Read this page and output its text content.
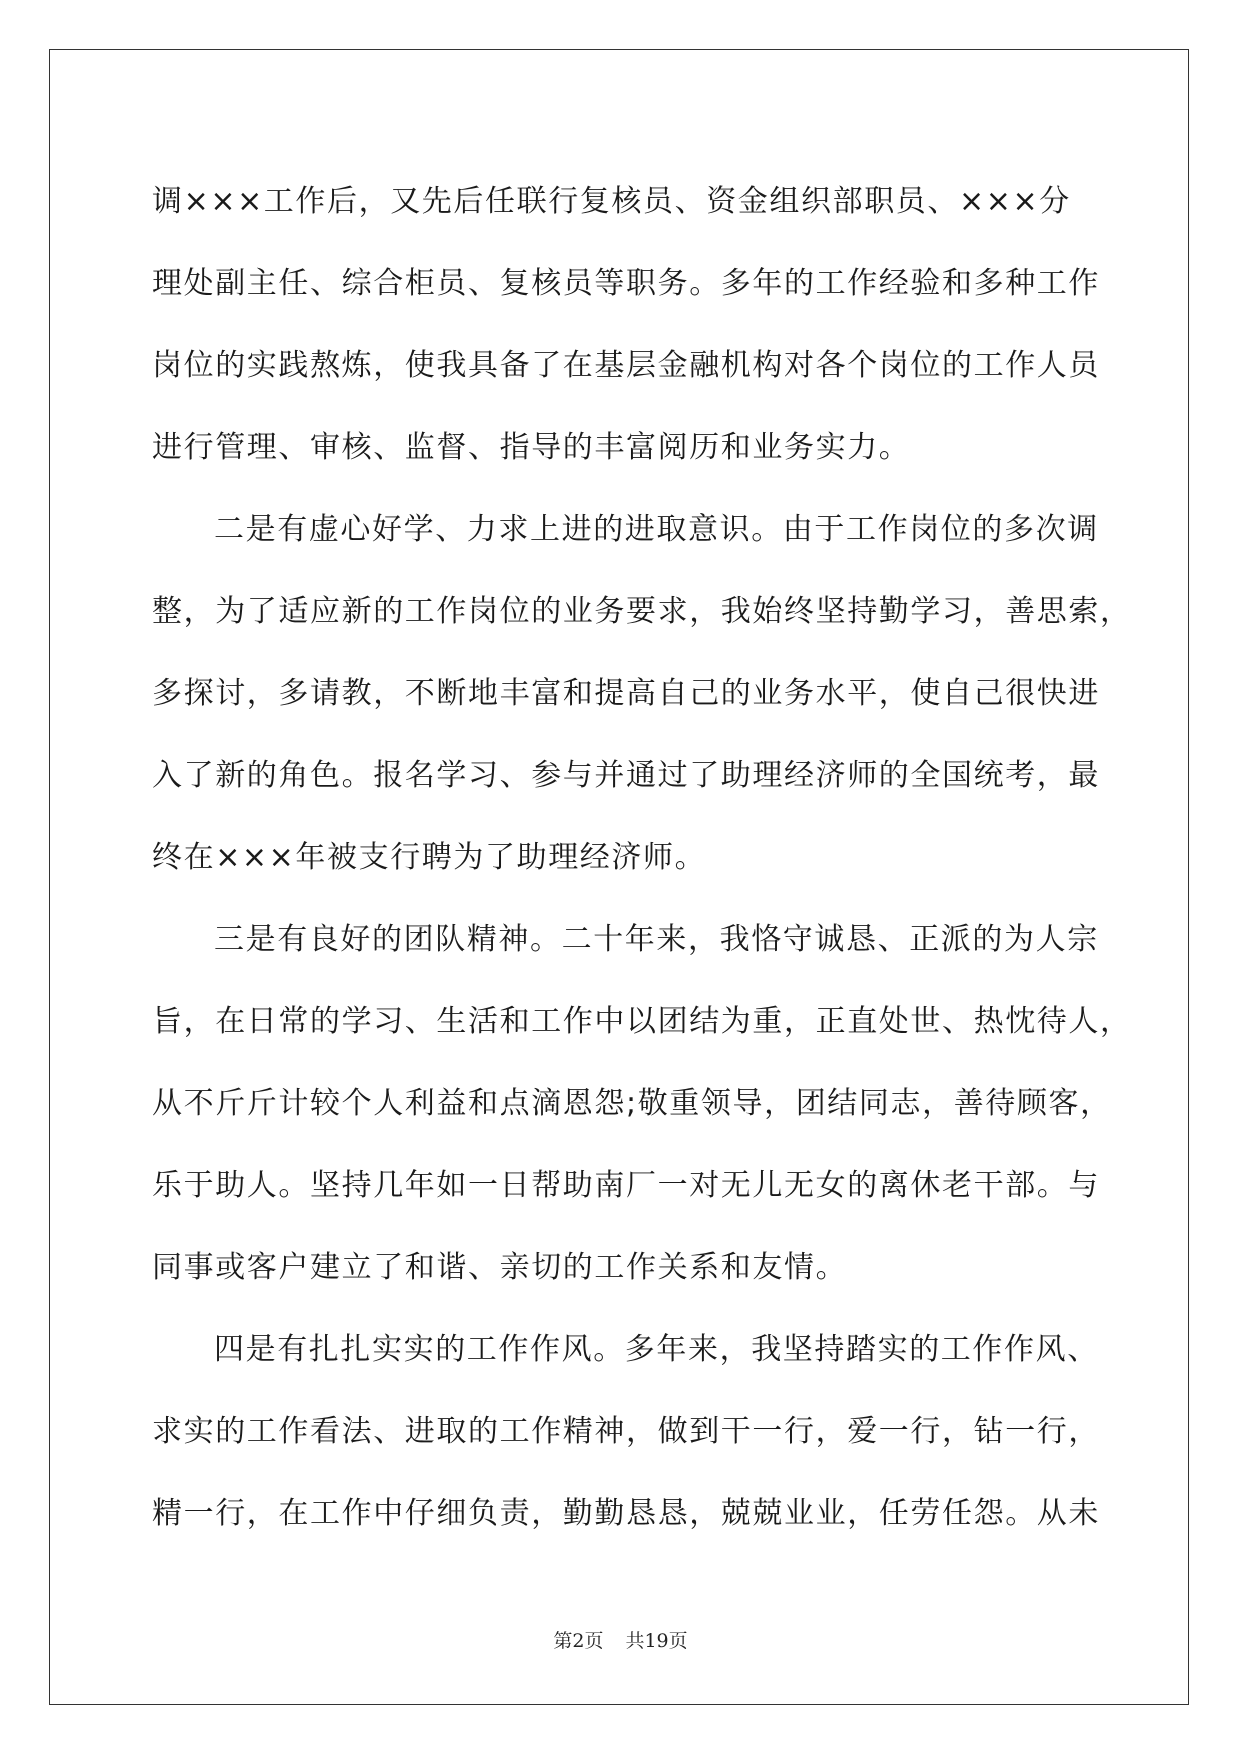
调×××工作后，又先后任联行复核员、资金组织部职员、×××分
理处副主任、综合柜员、复核员等职务。多年的工作经验和多种工作
岗位的实践熬炼，使我具备了在基层金融机构对各个岗位的工作人员
进行管理、审核、监督、指导的丰富阅历和业务实力。
二是有虚心好学、力求上进的进取意识。由于工作岗位的多次调
整，为了适应新的工作岗位的业务要求，我始终坚持勤学习，善思索，
多探讨，多请教，不断地丰富和提高自己的业务水平，使自己很快进
入了新的角色。报名学习、参与并通过了助理经济师的全国统考，最
终在×××年被支行聘为了助理经济师。
三是有良好的团队精神。二十年来，我恪守诚恳、正派的为人宗
旨，在日常的学习、生活和工作中以团结为重，正直处世、热忱待人，
从不斤斤计较个人利益和点滴恩怨;敬重领导，团结同志，善待顾客，
乐于助人。坚持几年如一日帮助南厂一对无儿无女的离休老干部。与
同事或客户建立了和谐、亲切的工作关系和友情。
四是有扎扎实实的工作作风。多年来，我坚持踏实的工作作风、
求实的工作看法、进取的工作精神，做到干一行，爱一行，钻一行，
精一行，在工作中仔细负责，勤勤恳恳，兢兢业业，任劳任怨。从未
第2页 共19页
